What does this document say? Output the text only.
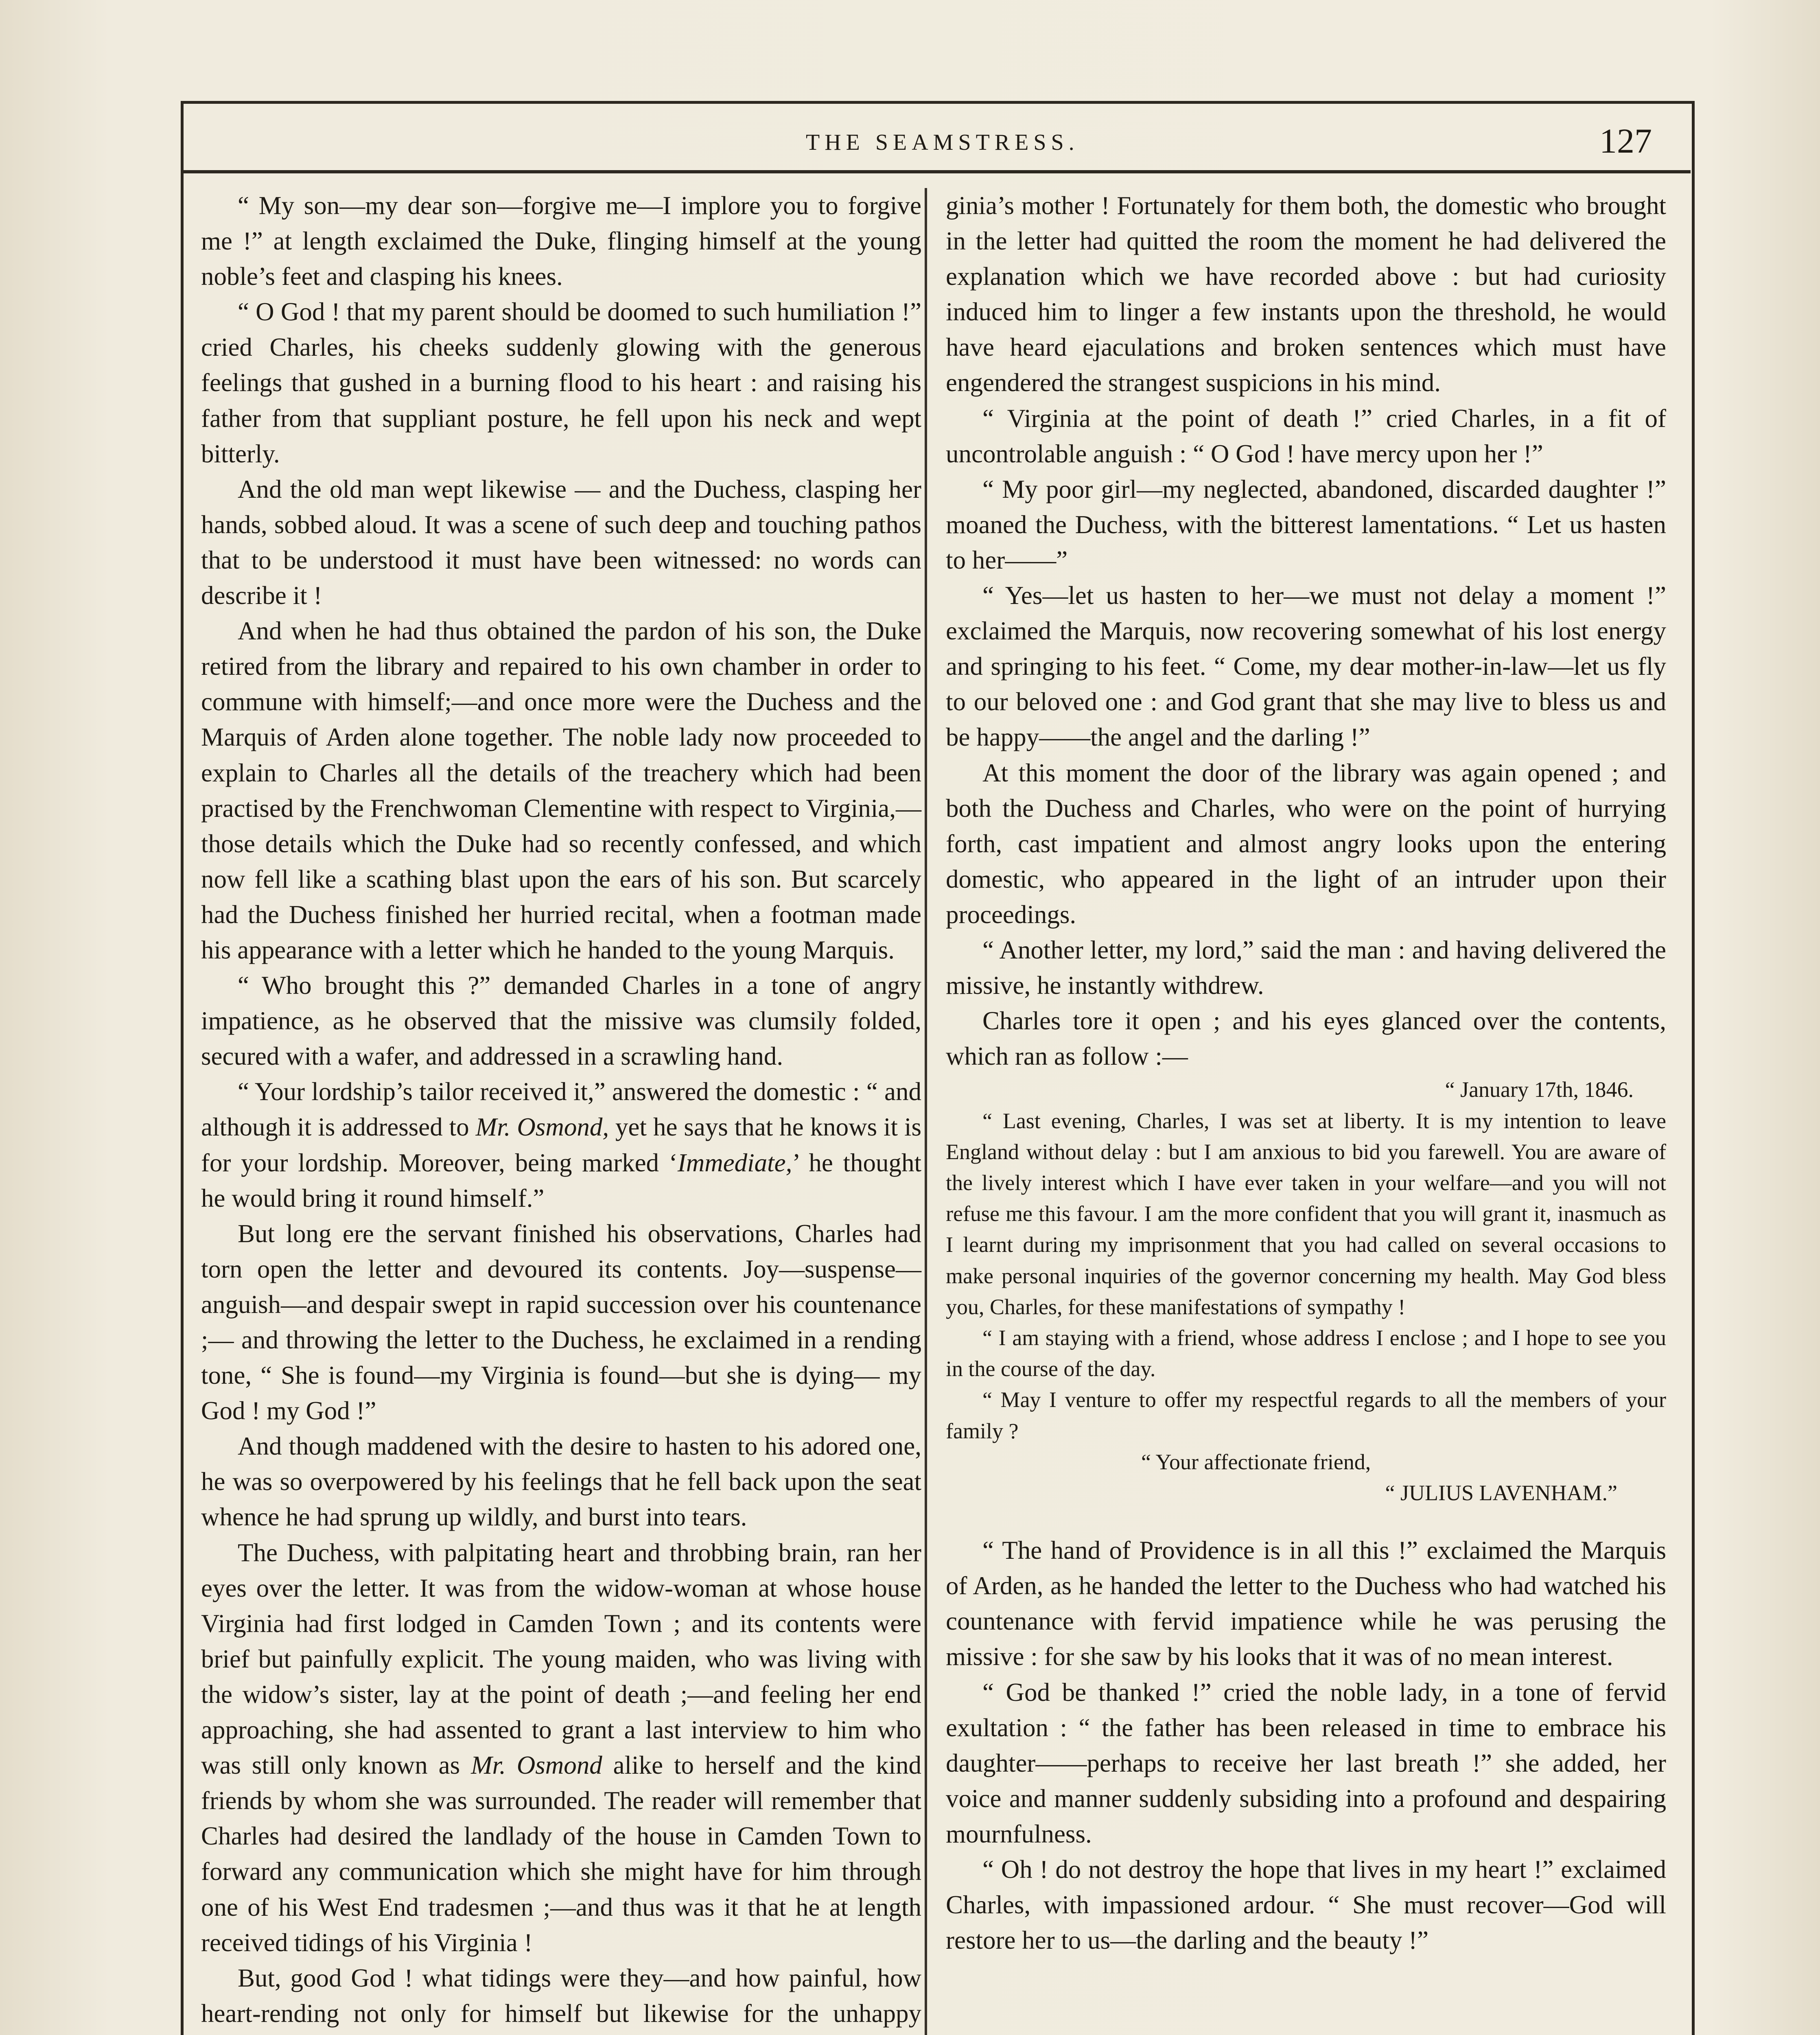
THE SEAMSTRESS.	127

“ My son—my dear son—forgive me—I implore you to forgive me !” at length exclaimed the Duke, flinging himself at the young noble’s feet and clasping his knees.

“ O God ! that my parent should be doomed to such humiliation !” cried Charles, his cheeks suddenly glowing with the generous feelings that gushed in a burning flood to his heart : and raising his father from that suppliant posture, he fell upon his neck and wept bitterly.

And the old man wept likewise — and the Duchess, clasping her hands, sobbed aloud. It was a scene of such deep and touching pathos that to be understood it must have been witnessed: no words can describe it !

And when he had thus obtained the pardon of his son, the Duke retired from the library and repaired to his own chamber in order to commune with himself;—and once more were the Duchess and the Marquis of Arden alone together. The noble lady now proceeded to explain to Charles all the details of the treachery which had been practised by the Frenchwoman Clementine with respect to Virginia,—those details which the Duke had so recently confessed, and which now fell like a scathing blast upon the ears of his son. But scarcely had the Duchess finished her hurried recital, when a footman made his appearance with a letter which he handed to the young Marquis.

“ Who brought this ?” demanded Charles in a tone of angry impatience, as he observed that the missive was clumsily folded, secured with a wafer, and addressed in a scrawling hand.

“ Your lordship’s tailor received it,” answered the domestic : “ and although it is addressed to Mr. Osmond, yet he says that he knows it is for your lordship. Moreover, being marked ‘Immediate,’ he thought he would bring it round himself.”

But long ere the servant finished his observations, Charles had torn open the letter and devoured its contents. Joy—suspense—anguish—and despair swept in rapid succession over his countenance ;— and throwing the letter to the Duchess, he exclaimed in a rending tone, “ She is found—my Virginia is found—but she is dying— my God ! my God !”

And though maddened with the desire to hasten to his adored one, he was so overpowered by his feelings that he fell back upon the seat whence he had sprung up wildly, and burst into tears.

The Duchess, with palpitating heart and throbbing brain, ran her eyes over the letter. It was from the widow-woman at whose house Virginia had first lodged in Camden Town ; and its contents were brief but painfully explicit. The young maiden, who was living with the widow’s sister, lay at the point of death ;—and feeling her end approaching, she had assented to grant a last interview to him who was still only known as Mr. Osmond alike to herself and the kind friends by whom she was surrounded. The reader will remember that Charles had desired the landlady of the house in Camden Town to forward any communication which she might have for him through one of his West End tradesmen ;—and thus was it that he at length received tidings of his Virginia !

But, good God ! what tidings were they—and how painful, how heart-rending not only for himself but likewise for the unhappy

ginia’s mother ! Fortunately for them both, the domestic who brought in the letter had quitted the room the moment he had delivered the explanation which we have recorded above : but had curiosity induced him to linger a few instants upon the threshold, he would have heard ejaculations and broken sentences which must have engendered the strangest suspicions in his mind.

“ Virginia at the point of death !” cried Charles, in a fit of uncontrolable anguish : “ O God ! have mercy upon her !”

“ My poor girl—my neglected, abandoned, discarded daughter !” moaned the Duchess, with the bitterest lamentations. “ Let us hasten to her——”

“ Yes—let us hasten to her—we must not delay a moment !” exclaimed the Marquis, now recovering somewhat of his lost energy and springing to his feet. “ Come, my dear mother-in-law—let us fly to our beloved one : and God grant that she may live to bless us and be happy——the angel and the darling !”

At this moment the door of the library was again opened ; and both the Duchess and Charles, who were on the point of hurrying forth, cast impatient and almost angry looks upon the entering domestic, who appeared in the light of an intruder upon their proceedings.

“ Another letter, my lord,” said the man : and having delivered the missive, he instantly withdrew.

Charles tore it open ; and his eyes glanced over the contents, which ran as follow :—

“ January 17th, 1846.

“ Last evening, Charles, I was set at liberty. It is my intention to leave England without delay : but I am anxious to bid you farewell. You are aware of the lively interest which I have ever taken in your welfare—and you will not refuse me this favour. I am the more confident that you will grant it, inasmuch as I learnt during my imprisonment that you had called on several occasions to make personal inquiries of the governor concerning my health. May God bless you, Charles, for these manifestations of sympathy !

“ I am staying with a friend, whose address I enclose ; and I hope to see you in the course of the day.

“ May I venture to offer my respectful regards to all the members of your family ?

“ Your affectionate friend,

“ JULIUS LAVENHAM.”

“ The hand of Providence is in all this !” exclaimed the Marquis of Arden, as he handed the letter to the Duchess who had watched his countenance with fervid impatience while he was perusing the missive : for she saw by his looks that it was of no mean interest.

“ God be thanked !” cried the noble lady, in a tone of fervid exultation : “ the father has been released in time to embrace his daughter——perhaps to receive her last breath !” she added, her voice and manner suddenly subsiding into a profound and despairing mournfulness.

“ Oh ! do not destroy the hope that lives in my heart !” exclaimed Charles, with impassioned ardour. “ She must recover—God will restore her to us—the darling and the beauty !”
